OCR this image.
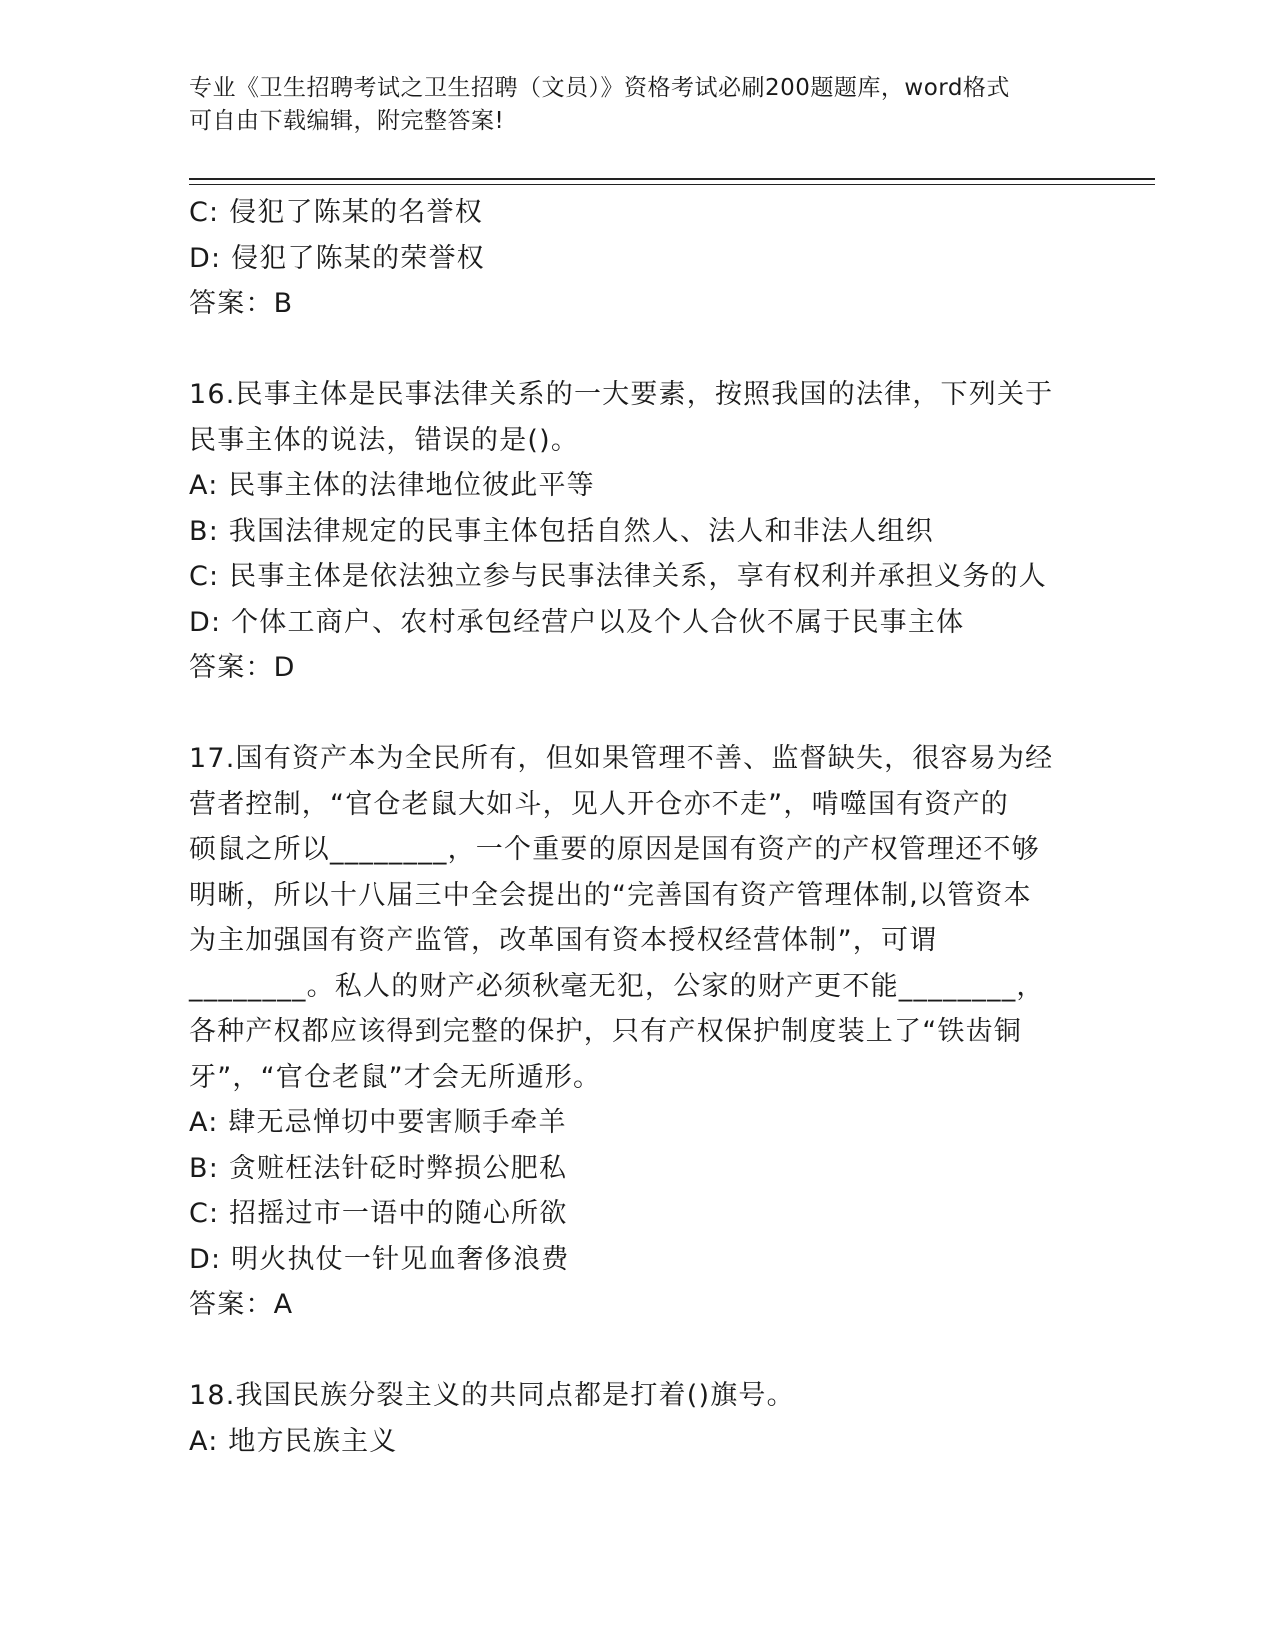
专业《卫生招聘考试之卫生招聘（文员）》资格考试必刷200题题库，word格式
可自由下载编辑，附完整答案!
C: 侵犯了陈某的名誉权
D: 侵犯了陈某的荣誉权
答案：B
16.民事主体是民事法律关系的一大要素，按照我国的法律，下列关于
民事主体的说法，错误的是()。
A: 民事主体的法律地位彼此平等
B: 我国法律规定的民事主体包括自然人、法人和非法人组织
C: 民事主体是依法独立参与民事法律关系，享有权利并承担义务的人
D: 个体工商户、农村承包经营户以及个人合伙不属于民事主体
答案：D
17.国有资产本为全民所有，但如果管理不善、监督缺失，很容易为经
营者控制，“官仓老鼠大如斗，见人开仓亦不走”，啃噬国有资产的
硕鼠之所以________，一个重要的原因是国有资产的产权管理还不够
明晰，所以十八届三中全会提出的“完善国有资产管理体制,以管资本
为主加强国有资产监管，改革国有资本授权经营体制”，可谓
________。私人的财产必须秋毫无犯，公家的财产更不能________，
各种产权都应该得到完整的保护，只有产权保护制度装上了“铁齿铜
牙”，“官仓老鼠”才会无所遁形。
A: 肆无忌惮切中要害顺手牵羊
B: 贪赃枉法针砭时弊损公肥私
C: 招摇过市一语中的随心所欲
D: 明火执仗一针见血奢侈浪费
答案：A
18.我国民族分裂主义的共同点都是打着()旗号。
A: 地方民族主义
